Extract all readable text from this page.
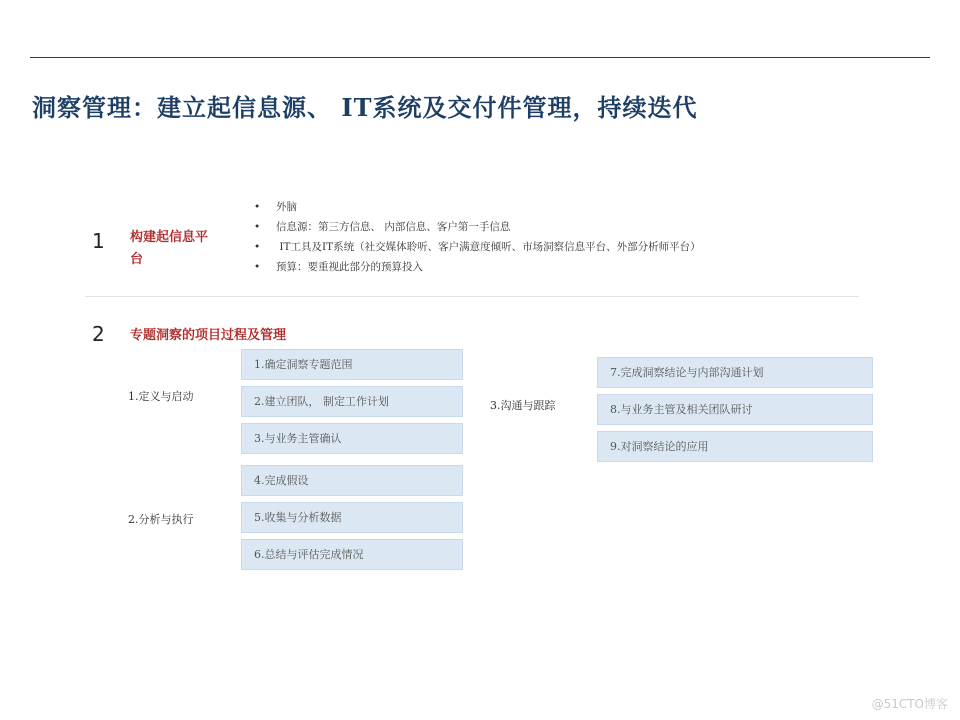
洞察管理：建立起信息源、 IT系统及交付件管理，持续迭代
1 构建起信息平台
• 外脑
• 信息源：第三方信息、 内部信息、客户第一手信息
• IT工具及IT系统（社交媒体聆听、客户满意度倾听、市场洞察信息平台、外部分析师平台）
• 预算：要重视此部分的预算投入
2 专题洞察的项目过程及管理
1.定义与启动
1.确定洞察专题范围
2.建立团队， 制定工作计划
3.与业务主管确认
2.分析与执行
4.完成假设
5.收集与分析数据
6.总结与评估完成情况
3.沟通与跟踪
7.完成洞察结论与内部沟通计划
8.与业务主管及相关团队研讨
9.对洞察结论的应用
@51CTO博客
